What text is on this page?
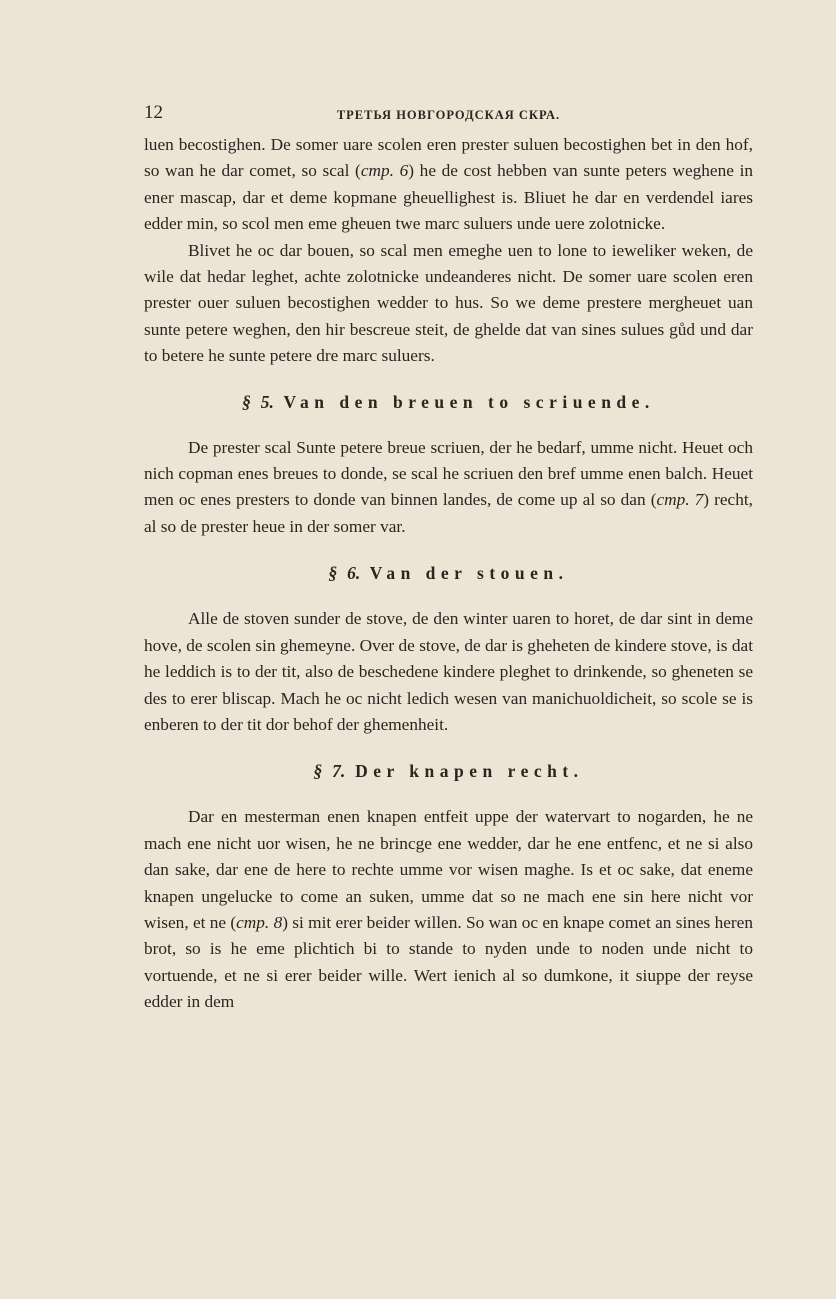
12	ТРЕТЬЯ НОВГОРОДСКАЯ СКРА.

luen becostighen. De somer uare scolen eren prester suluen becostighen bet in den hof, so wan he dar comet, so scal (cmp. 6) he de cost hebben van sunte peters weghene in ener mascap, dar et deme kopmane gheuellighest is. Bliuet he dar en verdendel iares edder min, so scol men eme gheuen twe marc suluers unde uere zolotnicke.

Blivet he oc dar bouen, so scal men emeghe uen to lone to ieweliker weken, de wile dat hedar leghet, achte zolotnicke undeanderes nicht. De somer uare scolen eren prester ouer suluen becostighen wedder to hus. So we deme prestere mergheuet uan sunte petere weghen, den hir bescreue steit, de ghelde dat van sines sulues gůd und dar to betere he sunte petere dre marc suluers.

§ 5. Van den breuen to scriuende.

De prester scal Sunte petere breue scriuen, der he bedarf, umme nicht. Heuet och nich copman enes breues to donde, se scal he scriuen den bref umme enen balch. Heuet men oc enes presters to donde van binnen landes, de come up al so dan (cmp. 7) recht, al so de prester heue in der somer var.

§ 6. Van der stouen.

Alle de stoven sunder de stove, de den winter uaren to horet, de dar sint in deme hove, de scolen sin ghemeyne. Over de stove, de dar is gheheten de kindere stove, is dat he leddich is to der tit, also de beschedene kindere pleghet to drinkende, so gheneten se des to erer bliscap. Mach he oc nicht ledich wesen van manichuoldicheit, so scole se is enberen to der tit dor behof der ghemenheit.

§ 7. Der knapen recht.

Dar en mesterman enen knapen entfeit uppe der watervart to nogarden, he ne mach ene nicht uor wisen, he ne brincge ene wedder, dar he ene entfenc, et ne si also dan sake, dar ene de here to rechte umme vor wisen maghe. Is et oc sake, dat eneme knapen ungelucke to come an suken, umme dat so ne mach ene sin here nicht vor wisen, et ne (cmp. 8) si mit erer beider willen. So wan oc en knape comet an sines heren brot, so is he eme plichtich bi to stande to nyden unde to noden unde nicht to vortuende, et ne si erer beider wille. Wert ienich al so dumkone, it siuppe der reyse edder in dem
